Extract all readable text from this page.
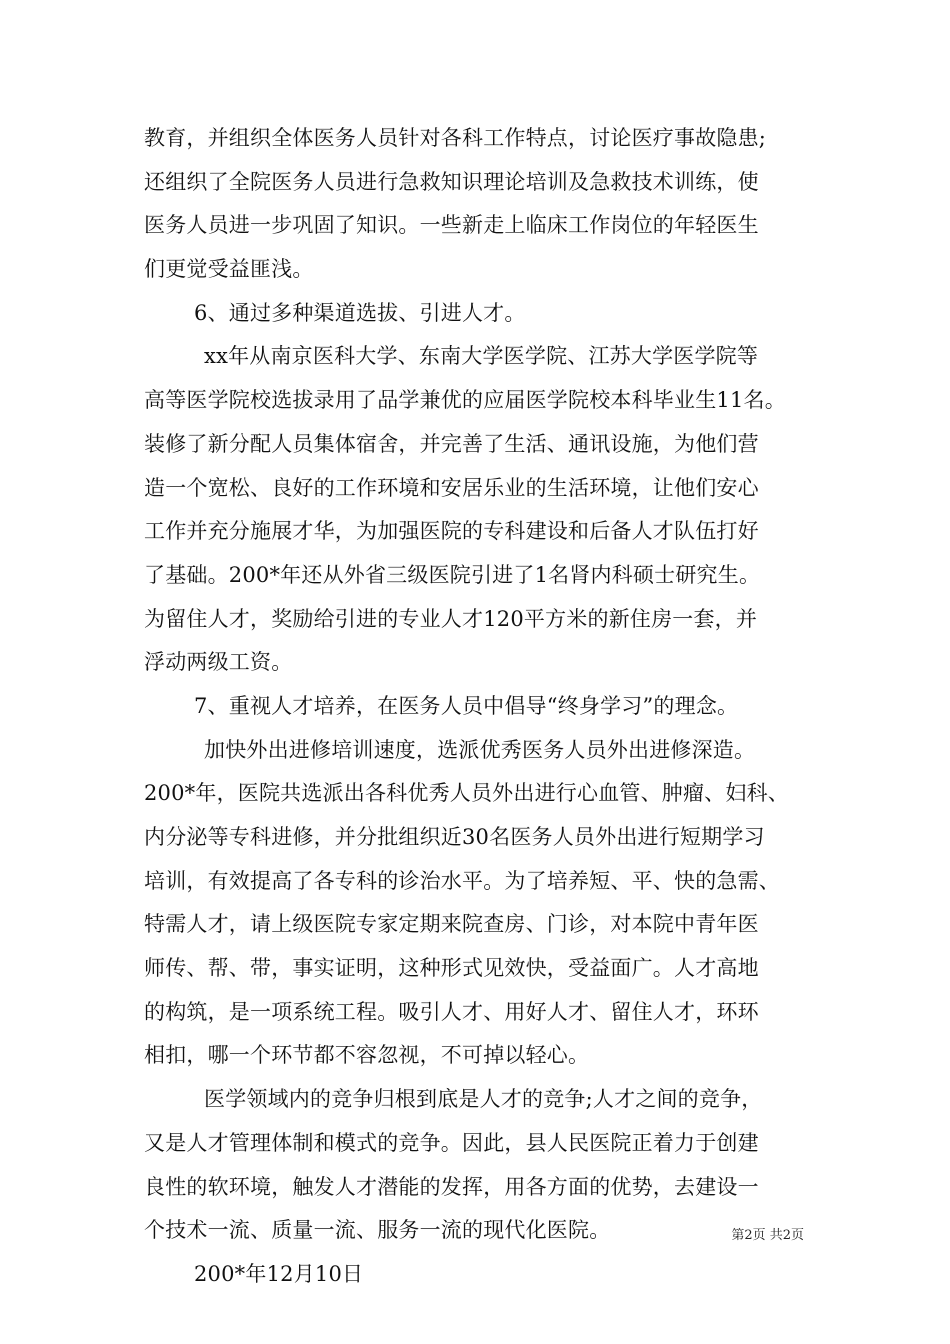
教育，并组织全体医务人员针对各科工作特点，讨论医疗事故隐患;
还组织了全院医务人员进行急救知识理论培训及急救技术训练，使
医务人员进一步巩固了知识。一些新走上临床工作岗位的年轻医生
们更觉受益匪浅。
6、通过多种渠道选拔、引进人才。
xx年从南京医科大学、东南大学医学院、江苏大学医学院等
高等医学院校选拔录用了品学兼优的应届医学院校本科毕业生11名。
装修了新分配人员集体宿舍，并完善了生活、通讯设施，为他们营
造一个宽松、良好的工作环境和安居乐业的生活环境，让他们安心
工作并充分施展才华，为加强医院的专科建设和后备人才队伍打好
了基础。200*年还从外省三级医院引进了1名肾内科硕士研究生。
为留住人才，奖励给引进的专业人才120平方米的新住房一套，并
浮动两级工资。
7、重视人才培养，在医务人员中倡导“终身学习”的理念。
加快外出进修培训速度，选派优秀医务人员外出进修深造。
200*年，医院共选派出各科优秀人员外出进行心血管、肿瘤、妇科、
内分泌等专科进修，并分批组织近30名医务人员外出进行短期学习
培训，有效提高了各专科的诊治水平。为了培养短、平、快的急需、
特需人才，请上级医院专家定期来院查房、门诊，对本院中青年医
师传、帮、带，事实证明，这种形式见效快，受益面广。人才高地
的构筑，是一项系统工程。吸引人才、用好人才、留住人才，环环
相扣，哪一个环节都不容忽视，不可掉以轻心。
医学领域内的竞争归根到底是人才的竞争;人才之间的竞争，
又是人才管理体制和模式的竞争。因此，县人民医院正着力于创建
良性的软环境，触发人才潜能的发挥，用各方面的优势，去建设一
个技术一流、质量一流、服务一流的现代化医院。
200*年12月10日
第2页 共2页
